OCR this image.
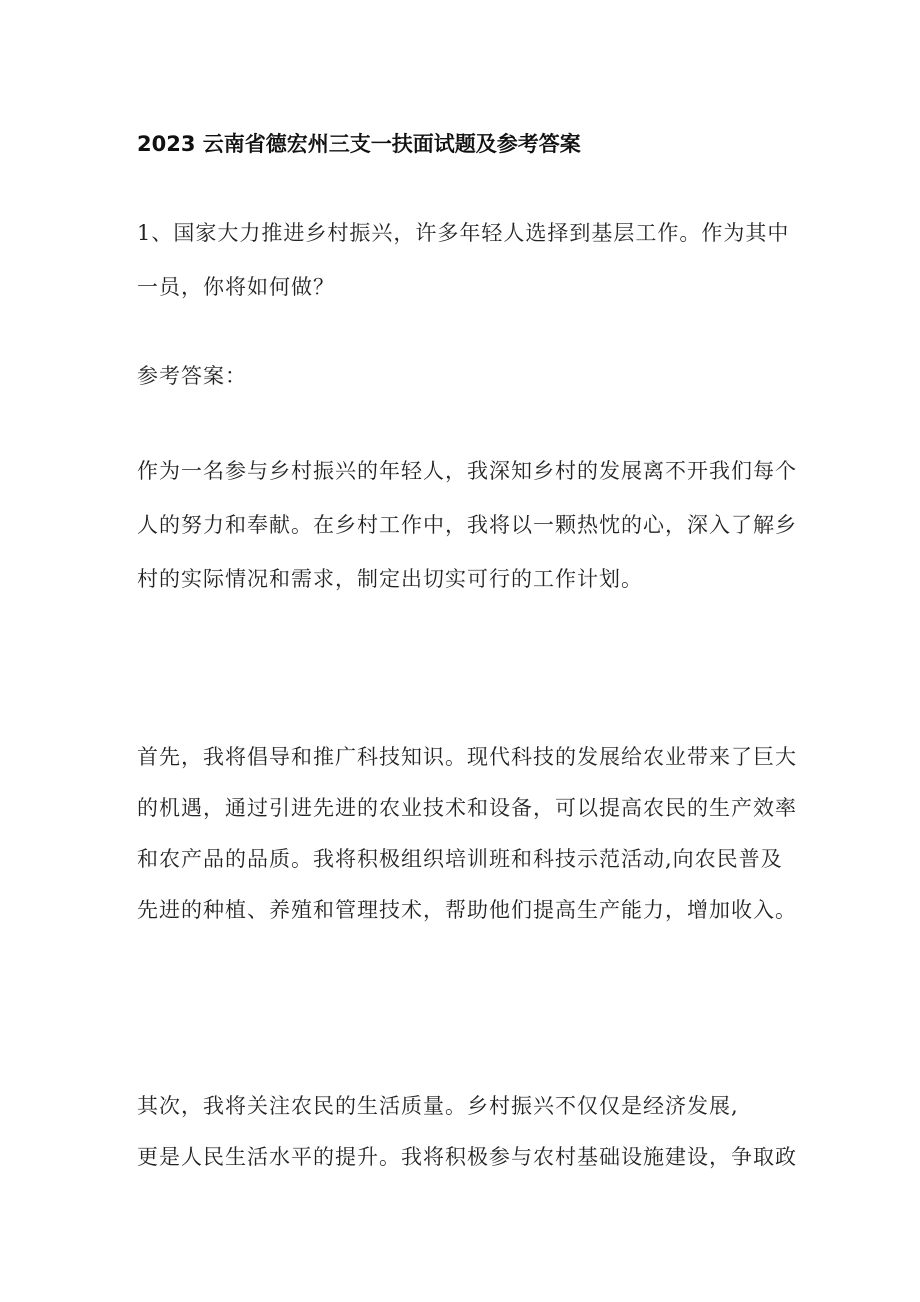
2023 云南省德宏州三支一扶面试题及参考答案
1、国家大力推进乡村振兴，许多年轻人选择到基层工作。作为其中
一员，你将如何做？
参考答案：
作为一名参与乡村振兴的年轻人，我深知乡村的发展离不开我们每个
人的努力和奉献。在乡村工作中，我将以一颗热忱的心，深入了解乡
村的实际情况和需求，制定出切实可行的工作计划。
首先，我将倡导和推广科技知识。现代科技的发展给农业带来了巨大
的机遇，通过引进先进的农业技术和设备，可以提高农民的生产效率
和农产品的品质。我将积极组织培训班和科技示范活动,向农民普及
先进的种植、养殖和管理技术，帮助他们提高生产能力，增加收入。
其次，我将关注农民的生活质量。乡村振兴不仅仅是经济发展,
更是人民生活水平的提升。我将积极参与农村基础设施建设，争取政
